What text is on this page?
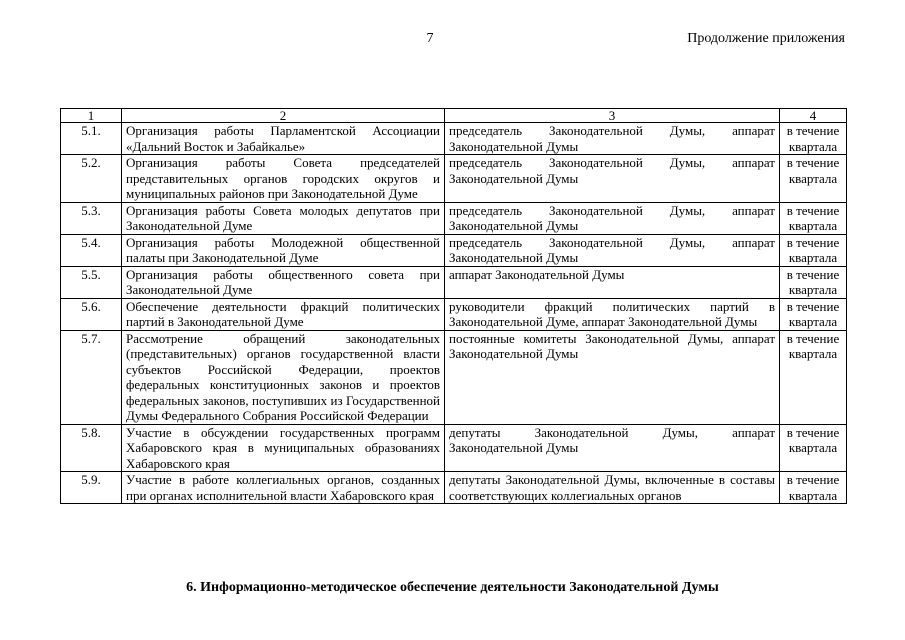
7	Продолжение приложения
1	2	3	4
5.1.	Организация работы Парламентской Ассоциации «Дальний Восток и Забайкалье»	председатель Законодательной Думы, аппарат Законодательной Думы	в течение квартала
5.2.	Организация работы Совета председателей представительных органов городских округов и муниципальных районов при Законодательной Думе	председатель Законодательной Думы, аппарат Законодательной Думы	в течение квартала
5.3.	Организация работы Совета молодых депутатов при Законодательной Думе	председатель Законодательной Думы, аппарат Законодательной Думы	в течение квартала
5.4.	Организация работы Молодежной общественной палаты при Законодательной Думе	председатель Законодательной Думы, аппарат Законодательной Думы	в течение квартала
5.5.	Организация работы общественного совета при Законодательной Думе	аппарат Законодательной Думы	в течение квартала
5.6.	Обеспечение деятельности фракций политических партий в Законодательной Думе	руководители фракций политических партий в Законодательной Думе, аппарат Законодательной Думы	в течение квартала
5.7.	Рассмотрение обращений законодательных (представительных) органов государственной власти субъектов Российской Федерации, проектов федеральных конституционных законов и проектов федеральных законов, поступивших из Государственной Думы Федерального Собрания Российской Федерации	постоянные комитеты Законодательной Думы, аппарат Законодательной Думы	в течение квартала
5.8.	Участие в обсуждении государственных программ Хабаровского края в муниципальных образованиях Хабаровского края	депутаты Законодательной Думы, аппарат Законодательной Думы	в течение квартала
5.9.	Участие в работе коллегиальных органов, созданных при органах исполнительной власти Хабаровского края	депутаты Законодательной Думы, включенные в составы соответствующих коллегиальных органов	в течение квартала
6. Информационно-методическое обеспечение деятельности Законодательной Думы
